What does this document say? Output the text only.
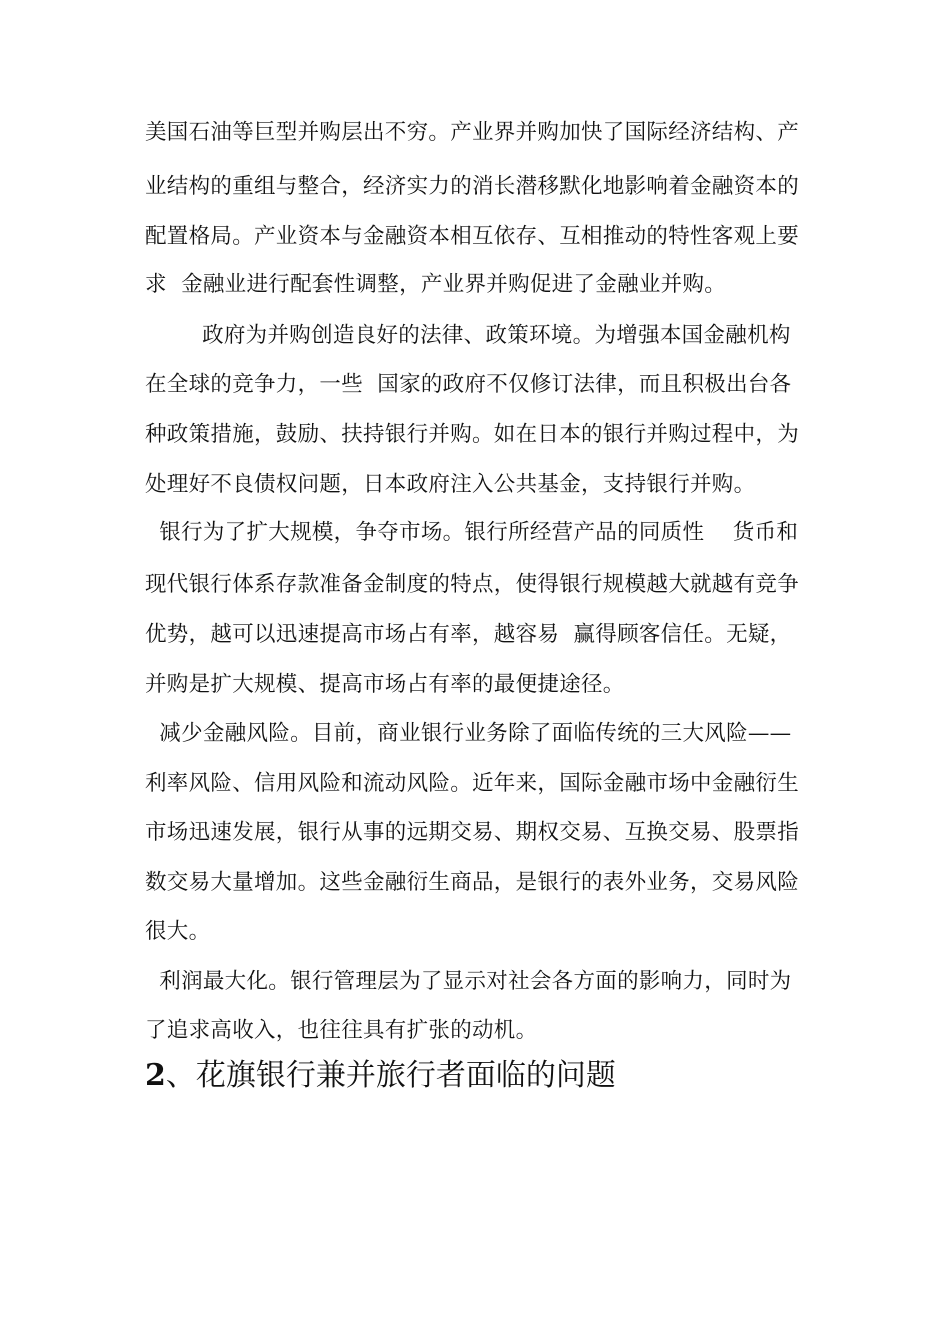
美国石油等巨型并购层出不穷。产业界并购加快了国际经济结构、产
业结构的重组与整合，经济实力的消长潜移默化地影响着金融资本的
配置格局。产业资本与金融资本相互依存、互相推动的特性客观上要
求  金融业进行配套性调整，产业界并购促进了金融业并购。
政府为并购创造良好的法律、政策环境。为增强本国金融机构
在全球的竞争力，一些  国家的政府不仅修订法律，而且积极出台各
种政策措施，鼓励、扶持银行并购。如在日本的银行并购过程中，为
处理好不良债权问题，日本政府注入公共基金，支持银行并购。
银行为了扩大规模，争夺市场。银行所经营产品的同质性    货币和
现代银行体系存款准备金制度的特点，使得银行规模越大就越有竞争
优势，越可以迅速提高市场占有率，越容易  赢得顾客信任。无疑，
并购是扩大规模、提高市场占有率的最便捷途径。
减少金融风险。目前，商业银行业务除了面临传统的三大风险——
利率风险、信用风险和流动风险。近年来，国际金融市场中金融衍生
市场迅速发展，银行从事的远期交易、期权交易、互换交易、股票指
数交易大量增加。这些金融衍生商品，是银行的表外业务，交易风险
很大。
利润最大化。银行管理层为了显示对社会各方面的影响力，同时为
了追求高收入，也往往具有扩张的动机。
2、花旗银行兼并旅行者面临的问题
